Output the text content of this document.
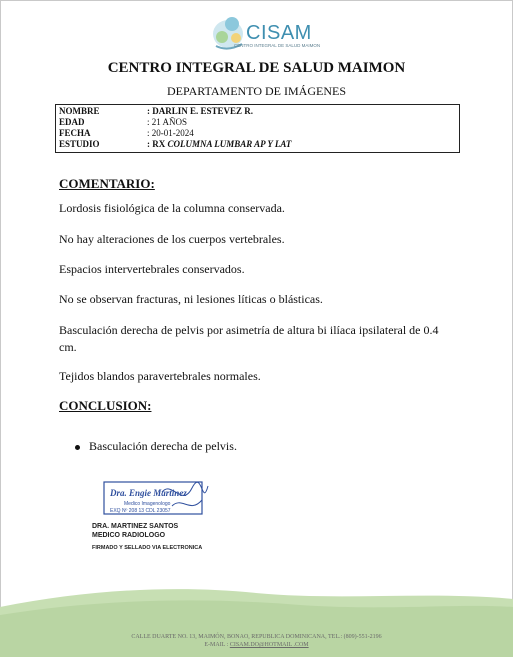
CISAM
CENTRO INTEGRAL DE SALUD MAIMON
CENTRO INTEGRAL DE SALUD MAIMON
DEPARTAMENTO DE IMÁGENES
NOMBRE	: DARLIN E. ESTEVEZ R.
EDAD	: 21 AÑOS
FECHA	: 20-01-2024
ESTUDIO	: RX COLUMNA LUMBAR AP Y LAT
COMENTARIO:
Lordosis fisiológica de la columna conservada.
No hay alteraciones de los cuerpos vertebrales.
Espacios intervertebrales conservados.
No se observan fracturas, ni lesiones líticas o blásticas.
Basculación derecha de pelvis por asimetría de altura bi ilíaca ipsilateral de 0.4 cm.
Tejidos blandos paravertebrales normales.
CONCLUSION:
Basculación derecha de pelvis.
Dra. Engie Martinez
Medico Imagenologo
EXQ Nº 208 13 CDL 23057
DRA. MARTINEZ SANTOS
MEDICO RADIOLOGO
FIRMADO Y SELLADO VIA ELECTRONICA
CALLE DUARTE NO. 13, MAIMÓN, BONAO, REPUBLICA DOMINICANA, TEL.: (809)-551-2196
E-MAIL : CISAM.DO@HOTMAIL .COM
